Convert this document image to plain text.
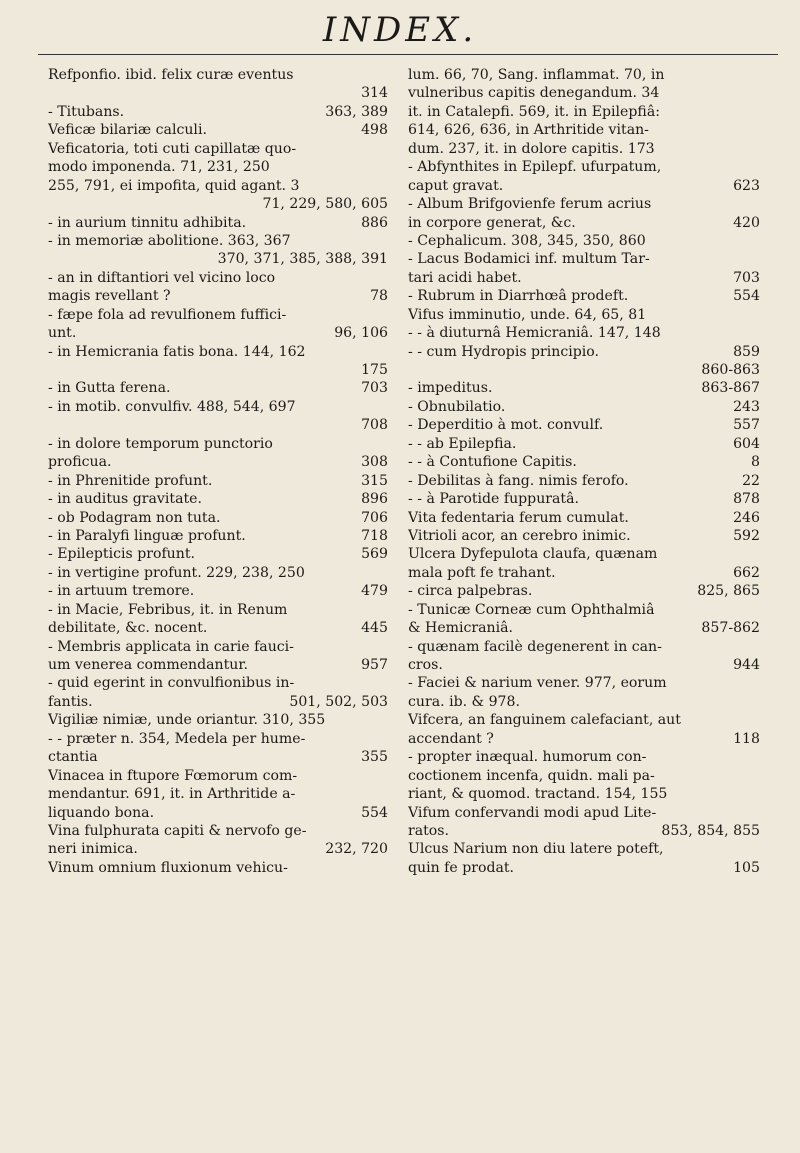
INDEX.
Refponfio. ibid. felix curæ eventus
314
- Titubans.	363, 389
Veficæ bilariæ calculi.	498
Veficatoria, toti cuti capillatæ quo-
modo imponenda. 71, 231, 250
255, 791, ei impofita, quid agant. 3
71, 229, 580, 605
- in aurium tinnitu adhibita.	886
- in memoriæ abolitione. 363, 367
370, 371, 385, 388, 391
- an in diftantiori vel vicino loco
magis revellant ?	78
- fæpe fola ad revulfionem fuffici-
unt.	96, 106
- in Hemicrania fatis bona. 144, 162
175
- in Gutta ferena.	703
- in motib. convulfiv. 488, 544, 697
708
- in dolore temporum punctorio
proficua.	308
- in Phrenitide profunt.	315
- in auditus gravitate.	896
- ob Podagram non tuta.	706
- in Paralyfi linguæ profunt.	718
- Epilepticis profunt.	569
- in vertigine profunt. 229, 238, 250
- in artuum tremore.	479
- in Macie, Febribus, it. in Renum
debilitate, &c. nocent.	445
- Membris applicata in carie fauci-
um venerea commendantur.	957
- quid egerint in convulfionibus in-
fantis.	501, 502, 503
Vigiliæ nimiæ, unde oriantur. 310, 355
- - præter n. 354, Medela per hume-
ctantia	355
Vinacea in ftupore Fœmorum com-
mendantur. 691, it. in Arthritide a-
liquando bona.	554
Vina fulphurata capiti & nervofo ge-
neri inimica.	232, 720
Vinum omnium fluxionum vehicu-
lum. 66, 70, Sang. inflammat. 70, in
vulneribus capitis denegandum. 34
it. in Catalepfi. 569, it. in Epilepfiâ:
614, 626, 636, in Arthritide vitan-
dum. 237, it. in dolore capitis. 173
- Abfynthites in Epilepf. ufurpatum,
caput gravat.	623
- Album Brifgovienfe ferum acrius
in corpore generat, &c.	420
- Cephalicum. 308, 345, 350, 860
- Lacus Bodamici inf. multum Tar-
tari acidi habet.	703
- Rubrum in Diarrhœâ prodeft.	554
Vifus imminutio, unde. 64, 65, 81
- - à diuturnâ Hemicraniâ. 147, 148
- - cum Hydropis principio.	859
860-863
- impeditus.	863-867
- Obnubilatio.	243
- Deperditio à mot. convulf.	557
- - ab Epilepfia.	604
- - à Contufione Capitis.	8
- Debilitas à fang. nimis ferofo.	22
- - à Parotide fuppuratâ.	878
Vita fedentaria ferum cumulat.	246
Vitrioli acor, an cerebro inimic.	592
Ulcera Dyfepulota claufa, quænam
mala poft fe trahant.	662
- circa palpebras.	825, 865
- Tunicæ Corneæ cum Ophthalmiâ
& Hemicraniâ.	857-862
- quænam facilè degenerent in can-
cros.	944
- Faciei & narium vener. 977, eorum
cura. ib. & 978.
Vifcera, an fanguinem calefaciant, aut
accendant ?	118
- propter inæqual. humorum con-
coctionem incenfa, quidn. mali pa-
riant, & quomod. tractand. 154, 155
Vifum confervandi modi apud Lite-
ratos.	853, 854, 855
Ulcus Narium non diu latere poteft,
quin fe prodat.	105
